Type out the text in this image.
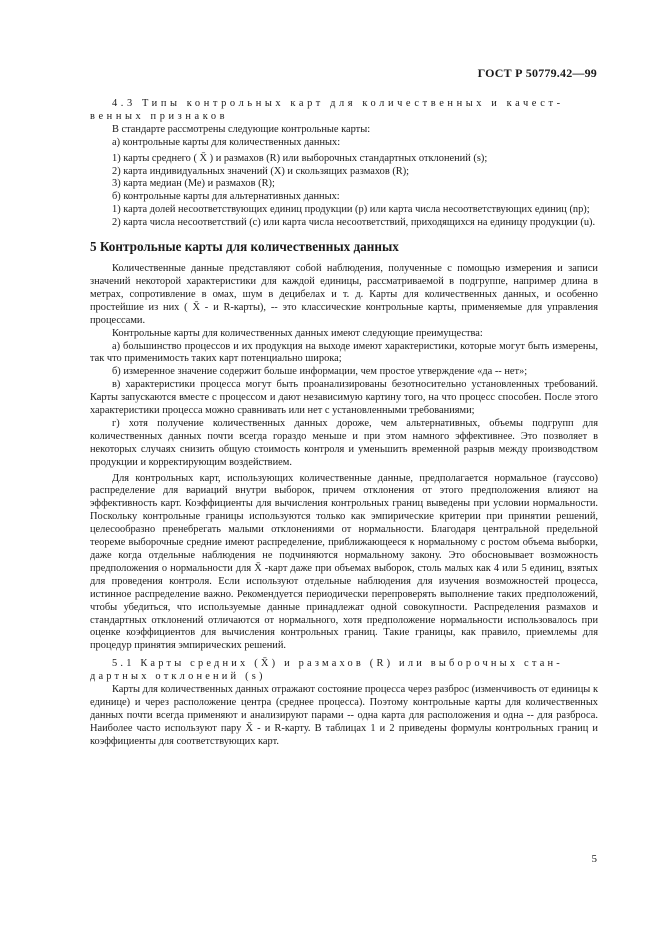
ГОСТ Р 50779.42—99

4.3 Типы контрольных карт для количественных и качест-

венных признаков

В стандарте рассмотрены следующие контрольные карты:

а) контрольные карты для количественных данных:

1) карты среднего ( X̄ ) и размахов (R) или выборочных стандартных отклонений (s);

2) карта индивидуальных значений (X) и скользящих размахов (R);

3) карта медиан (Ме) и размахов (R);

б) контрольные карты для альтернативных данных:

1) карта долей несоответствующих единиц продукции (p) или карта числа несоответствующих единиц (np);

2) карта числа несоответствий (c) или карта числа несоответствий, приходящихся на единицу продукции (u).

5 Контрольные карты для количественных данных

Количественные данные представляют собой наблюдения, полученные с помощью измерения и записи значений некоторой характеристики для каждой единицы, рассматриваемой в подгруппе, например длина в метрах, сопротивление в омах, шум в децибелах и т. д. Карты для количественных данных, и особенно простейшие из них ( X̄ - и R-карты), -- это классические контрольные карты, применяемые для управления процессами.

Контрольные карты для количественных данных имеют следующие преимущества:

а) большинство процессов и их продукция на выходе имеют характеристики, которые могут быть измерены, так что применимость таких карт потенциально широка;

б) измеренное значение содержит больше информации, чем простое утверждение «да -- нет»;

в) характеристики процесса могут быть проанализированы безотносительно установленных требований. Карты запускаются вместе с процессом и дают независимую картину того, на что процесс способен. После этого характеристики процесса можно сравнивать или нет с установленными требованиями;

г) хотя получение количественных данных дороже, чем альтернативных, объемы подгрупп для количественных данных почти всегда гораздо меньше и при этом намного эффективнее. Это позволяет в некоторых случаях снизить общую стоимость контроля и уменьшить временной разрыв между производством продукции и корректирующим воздействием.

Для контрольных карт, использующих количественные данные, предполагается нормальное (гауссово) распределение для вариаций внутри выборок, причем отклонения от этого предположения влияют на эффективность карт. Коэффициенты для вычисления контрольных границ выведены при условии нормальности. Поскольку контрольные границы используются только как эмпирические критерии при принятии решений, целесообразно пренебрегать малыми отклонениями от нормальности. Благодаря центральной предельной теореме выборочные средние имеют распределение, приближающееся к нормальному с ростом объема выборки, даже когда отдельные наблюдения не подчиняются нормальному закону. Это обосновывает возможность предположения о нормальности для X̄ -карт даже при объемах выборок, столь малых как 4 или 5 единиц, взятых для проведения контроля. Если используют отдельные наблюдения для изучения возможностей процесса, истинное распределение важно. Рекомендуется периодически перепроверять выполнение таких предположений, чтобы убедиться, что используемые данные принадлежат одной совокупности. Распределения размахов и стандартных отклонений отличаются от нормального, хотя предположение нормальности использовалось при оценке коэффициентов для вычисления контрольных границ. Такие границы, как правило, приемлемы для процедур принятия эмпирических решений.

5.1 Карты средних (X̄) и размахов (R) или выборочных стан-

дартных отклонений (s)

Карты для количественных данных отражают состояние процесса через разброс (изменчивость от единицы к единице) и через расположение центра (среднее процесса). Поэтому контрольные карты для количественных данных почти всегда применяют и анализируют парами -- одна карта для расположения и одна -- для разброса. Наиболее часто используют пару X̄ - и R-карту. В таблицах 1 и 2 приведены формулы контрольных границ и коэффициенты для соответствующих карт.

5
